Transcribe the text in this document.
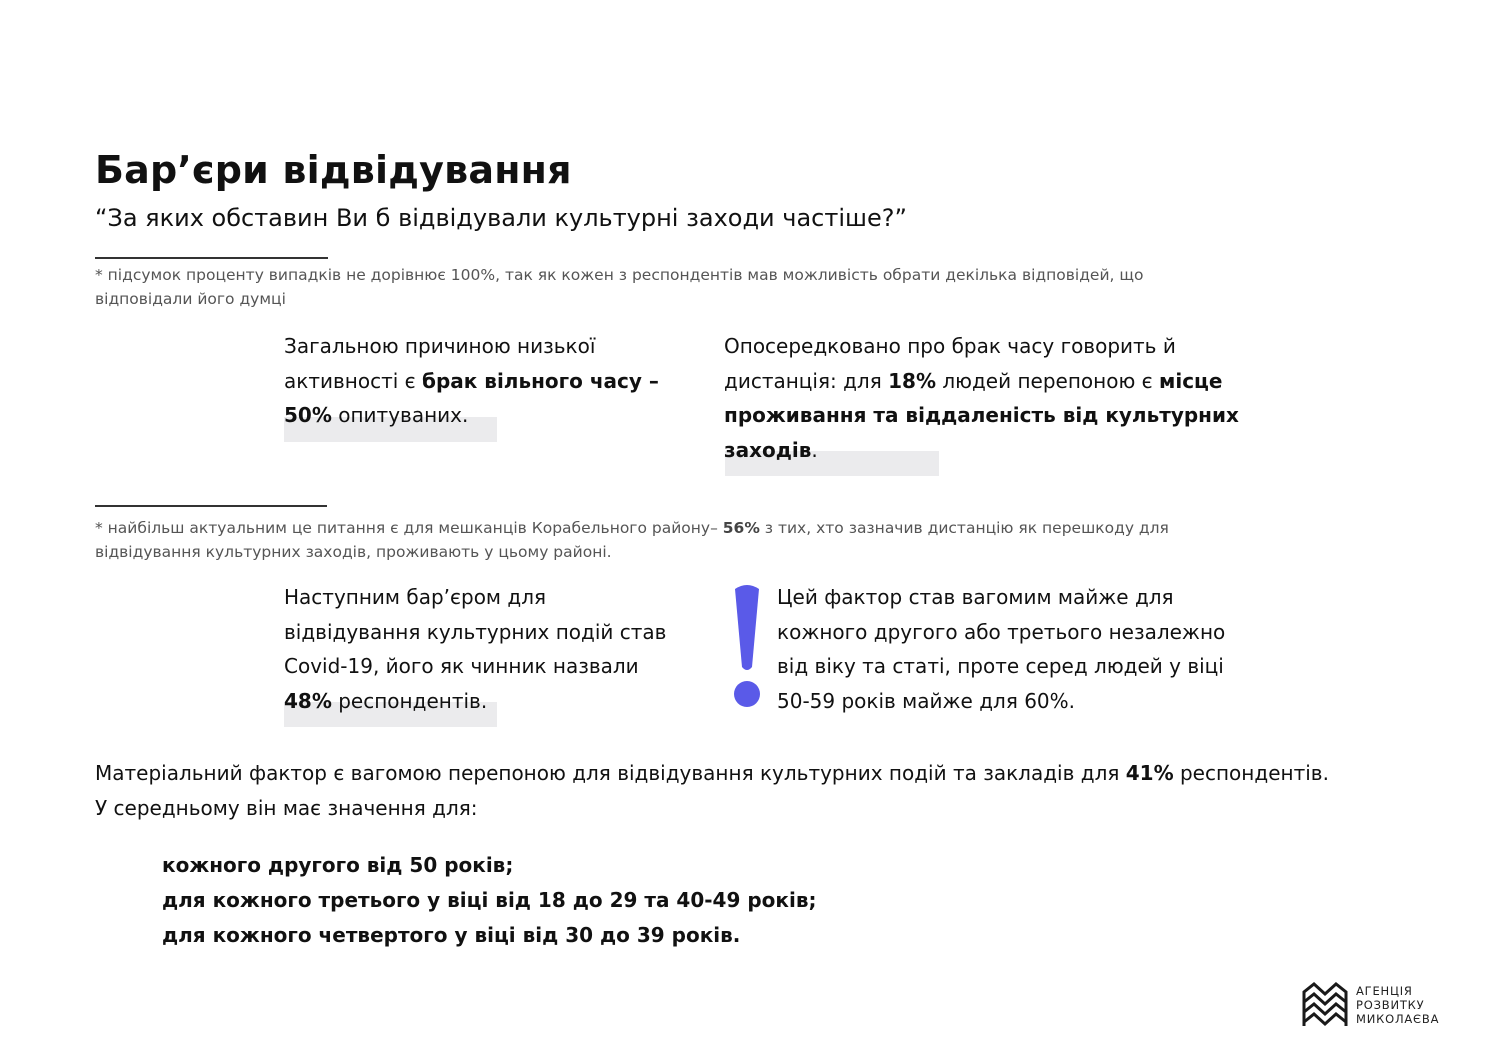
Бар’єри відвідування
“За яких обставин Ви б відвідували культурні заходи частіше?”
* підсумок проценту випадків не дорівнює 100%, так як кожен з респондентів мав можливість обрати декілька відповідей, що відповідали його думці
Загальною причиною низької активності є брак вільного часу – 50% опитуваних.
Опосередковано про брак часу говорить й дистанція: для 18% людей перепоною є місце проживання та віддаленість від культурних заходів.
* найбільш актуальним це питання є для мешканців Корабельного району– 56% з тих, хто зазначив дистанцію як перешкоду для відвідування культурних заходів, проживають у цьому районі.
Наступним бар’єром для відвідування культурних подій став Covid-19, його як чинник назвали 48% респондентів.
Цей фактор став вагомим майже для кожного другого або третього незалежно від віку та статі, проте серед людей у віці 50-59 років майже для 60%.
Матеріальний фактор є вагомою перепоною для відвідування культурних подій та закладів для 41% респондентів.
У середньому він має значення для:
кожного другого від 50 років;
для кожного третього у віці від 18 до 29 та 40-49 років;
для кожного четвертого у віці від 30 до 39 років.
АГЕНЦІЯ
РОЗВИТКУ
МИКОЛАЄВА
